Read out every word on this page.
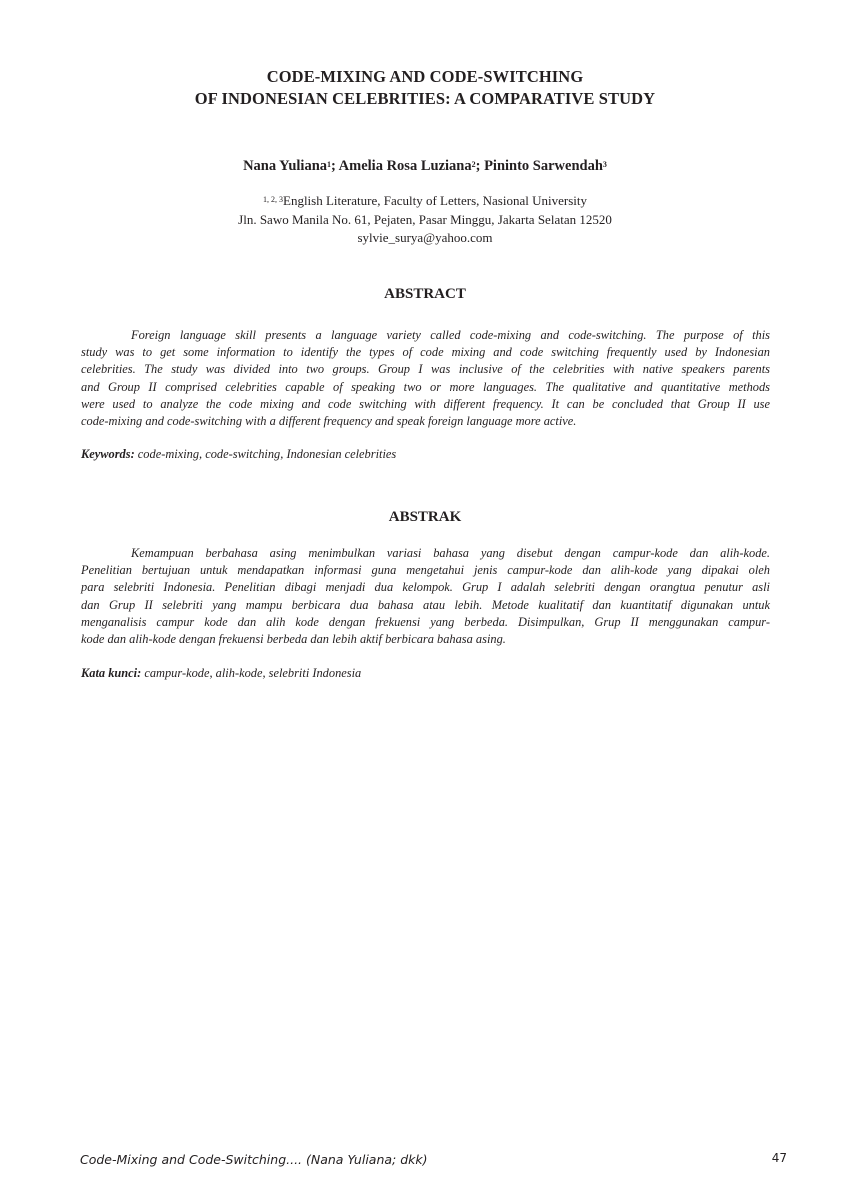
CODE-MIXING AND CODE-SWITCHING
OF INDONESIAN CELEBRITIES: A COMPARATIVE STUDY
Nana Yuliana$^1$; Amelia Rosa Luziana$^2$; Pininto Sarwendah$^3$
$^{1, 2, 3}$English Literature, Faculty of Letters, Nasional University
Jln. Sawo Manila No. 61, Pejaten, Pasar Minggu, Jakarta Selatan 12520
sylvie_surya@yahoo.com
ABSTRACT
Foreign language skill presents a language variety called code-mixing and code-switching. The purpose of this
study was to get some information to identify the types of code mixing and code switching frequently used by Indonesian
celebrities. The study was divided into two groups. Group I was inclusive of the celebrities with native speakers parents
and Group II comprised celebrities capable of speaking two or more languages. The qualitative and quantitative methods
were used to analyze the code mixing and code switching with different frequency. It can be concluded that Group II use
code-mixing and code-switching with a different frequency and speak foreign language more active.
Keywords: code-mixing, code-switching, Indonesian celebrities
ABSTRAK
Kemampuan berbahasa asing menimbulkan variasi bahasa yang disebut dengan campur-kode dan alih-kode.
Penelitian bertujuan untuk mendapatkan informasi guna mengetahui jenis campur-kode dan alih-kode yang dipakai oleh
para selebriti Indonesia. Penelitian dibagi menjadi dua kelompok. Grup I adalah selebriti dengan orangtua penutur asli
dan Grup II selebriti yang mampu berbicara dua bahasa atau lebih. Metode kualitatif dan kuantitatif digunakan untuk
menganalisis campur kode dan alih kode dengan frekuensi yang berbeda. Disimpulkan, Grup II menggunakan campur-
kode dan alih-kode dengan frekuensi berbeda dan lebih aktif berbicara bahasa asing.
Kata kunci: campur-kode, alih-kode, selebriti Indonesia
Code-Mixing and Code-Switching.... (Nana Yuliana; dkk)	47
